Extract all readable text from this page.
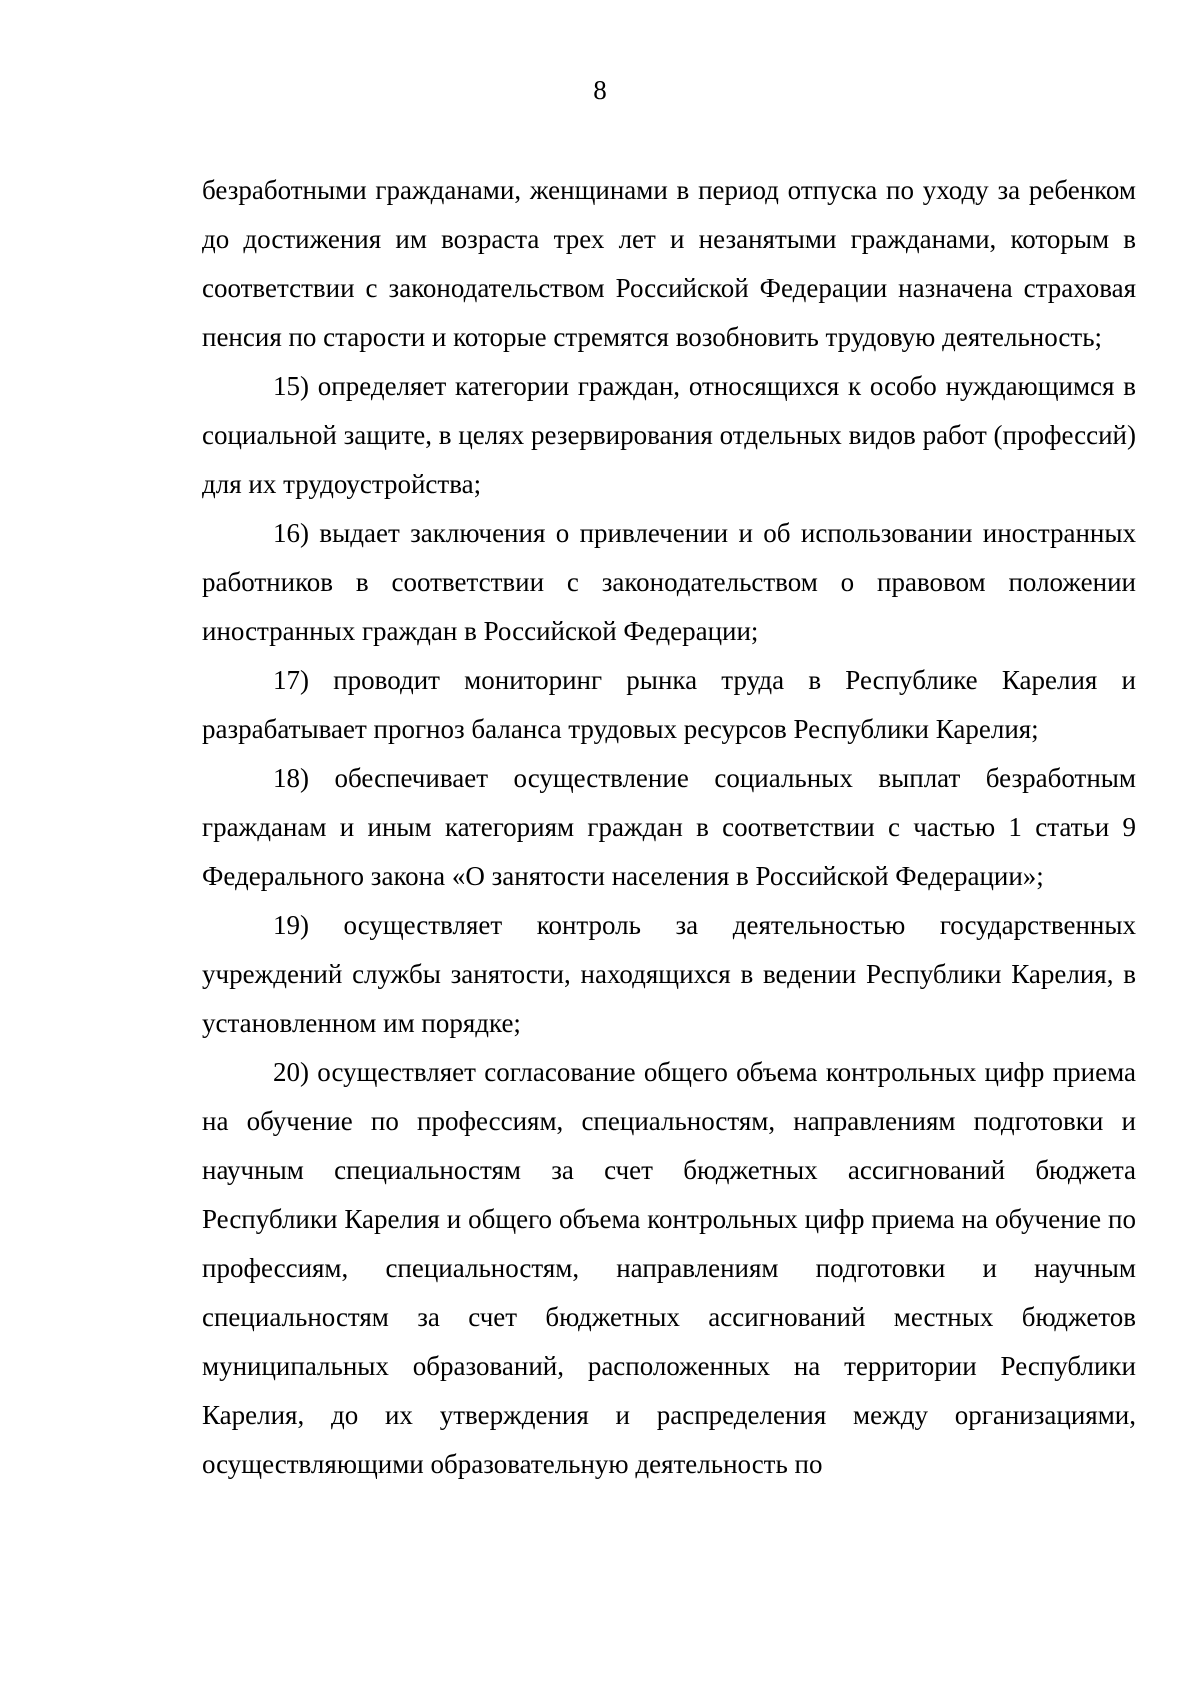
8

безработными гражданами, женщинами в период отпуска по уходу за ребенком до достижения им возраста трех лет и незанятыми гражданами, которым в соответствии с законодательством Российской Федерации назначена страховая пенсия по старости и которые стремятся возобновить трудовую деятельность;

15) определяет категории граждан, относящихся к особо нуждающимся в социальной защите, в целях резервирования отдельных видов работ (профессий) для их трудоустройства;

16) выдает заключения о привлечении и об использовании иностранных работников в соответствии с законодательством о правовом положении иностранных граждан в Российской Федерации;

17) проводит мониторинг рынка труда в Республике Карелия и разрабатывает прогноз баланса трудовых ресурсов Республики Карелия;

18) обеспечивает осуществление социальных выплат безработным гражданам и иным категориям граждан в соответствии с частью 1 статьи 9 Федерального закона «О занятости населения в Российской Федерации»;

19) осуществляет контроль за деятельностью государственных учреждений службы занятости, находящихся в ведении Республики Карелия, в установленном им порядке;

20) осуществляет согласование общего объема контрольных цифр приема на обучение по профессиям, специальностям, направлениям подготовки и научным специальностям за счет бюджетных ассигнований бюджета Республики Карелия и общего объема контрольных цифр приема на обучение по профессиям, специальностям, направлениям подготовки и научным специальностям за счет бюджетных ассигнований местных бюджетов муниципальных образований, расположенных на территории Республики Карелия, до их утверждения и распределения между организациями, осуществляющими образовательную деятельность по
